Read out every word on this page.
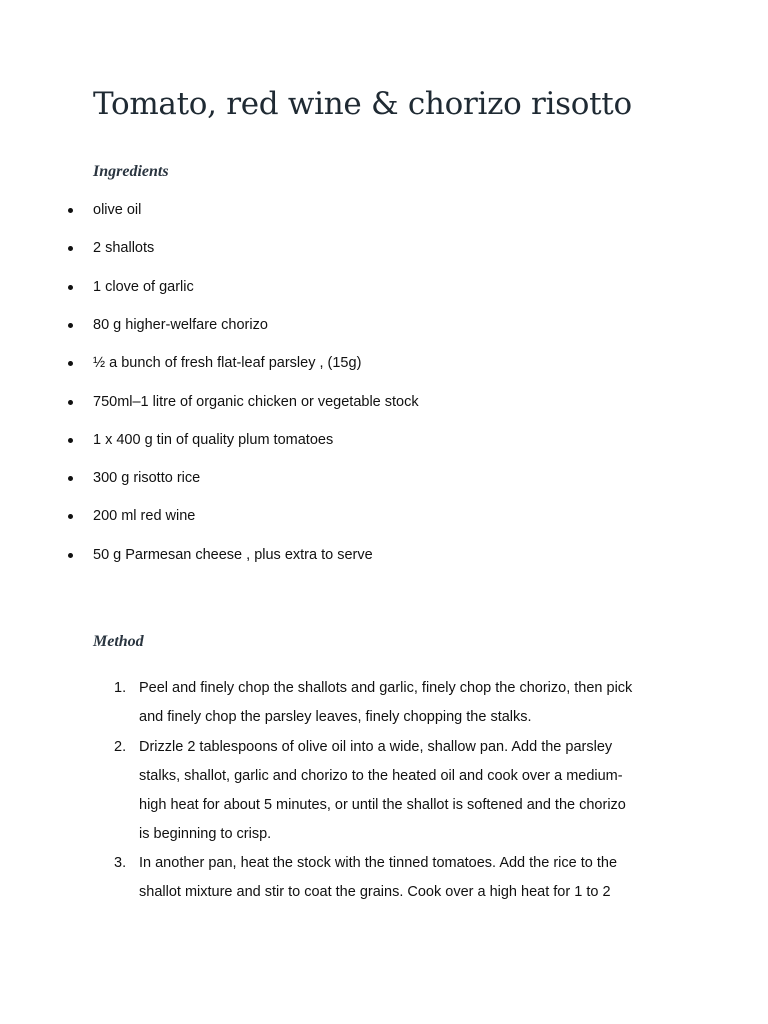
Tomato, red wine & chorizo risotto
Ingredients
olive oil
2 shallots
1 clove of garlic
80 g higher-welfare chorizo
½ a bunch of fresh flat-leaf parsley , (15g)
750ml–1 litre of organic chicken or vegetable stock
1 x 400 g tin of quality plum tomatoes
300 g risotto rice
200 ml red wine
50 g Parmesan cheese , plus extra to serve
Method
1. Peel and finely chop the shallots and garlic, finely chop the chorizo, then pick
and finely chop the parsley leaves, finely chopping the stalks.
2. Drizzle 2 tablespoons of olive oil into a wide, shallow pan. Add the parsley
stalks, shallot, garlic and chorizo to the heated oil and cook over a medium-
high heat for about 5 minutes, or until the shallot is softened and the chorizo
is beginning to crisp.
3. In another pan, heat the stock with the tinned tomatoes. Add the rice to the
shallot mixture and stir to coat the grains. Cook over a high heat for 1 to 2
